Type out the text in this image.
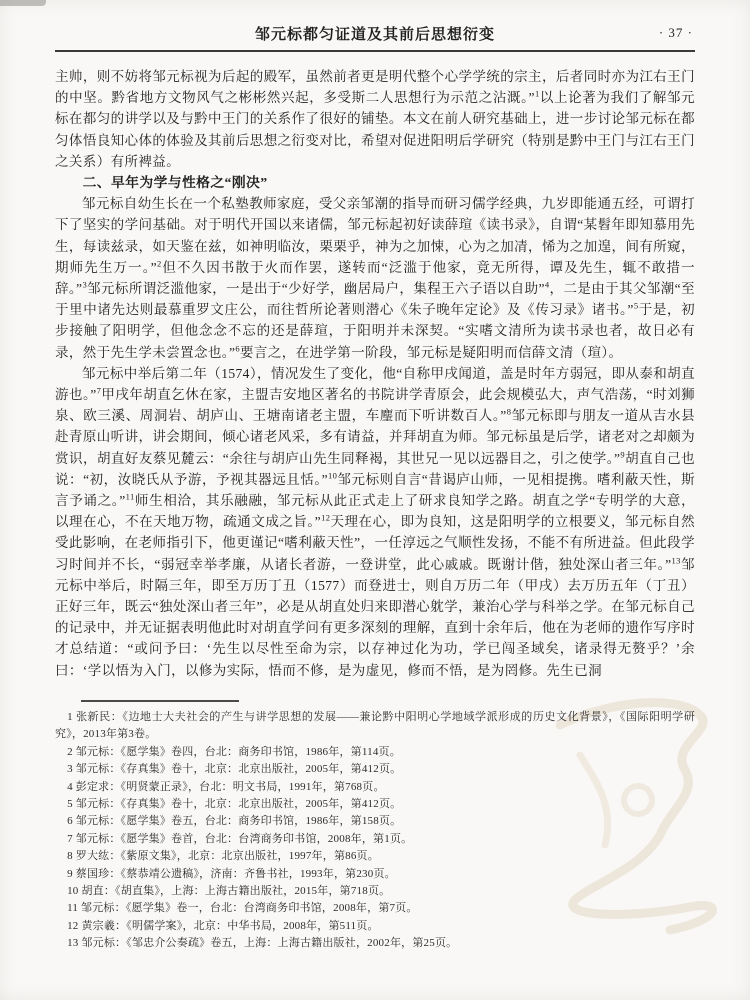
邹元标都匀证道及其前后思想衍变	· 37 ·

主帅，则不妨将邹元标视为后起的殿军，虽然前者更是明代整个心学学统的宗主，后者同时亦为江右王门的中坚。黔省地方文物风气之彬彬然兴起，多受斯二人思想行为示范之沾溉。”$^1$以上论著为我们了解邹元标在都匀的讲学以及与黔中王门的关系作了很好的铺垫。本文在前人研究基础上，进一步讨论邹元标在都匀体悟良知心体的体验及其前后思想之衍变对比，希望对促进阳明后学研究（特别是黔中王门与江右王门之关系）有所裨益。

二、早年为学与性格之“刚决”

邹元标自幼生长在一个私塾教师家庭，受父亲邹潮的指导而研习儒学经典，九岁即能通五经，可谓打下了坚实的学问基础。对于明代开国以来诸儒，邹元标起初好读薛瑄《读书录》，自谓“某髫年即知慕用先生，每读兹录，如天鉴在兹，如神明临汝，栗栗乎，神为之加悚，心为之加凊，悕为之加遑，间有所窥，期师先生万一。”$^2$但不久因书散于火而作罢，遂转而“泛滥于他家，竟无所得，谭及先生，辄不敢措一辞。”$^3$邹元标所谓泛滥他家，一是出于“少好学，幽居局户，集程王六子语以自助”$^4$，二是由于其父邹潮“至于里中诸先达则最慕重罗文庄公，而往哲所论著则潜心《朱子晚年定论》及《传习录》诸书。”$^5$于是，初步接触了阳明学，但他念念不忘的还是薛瑄，于阳明并未深契。“实嗜文清所为读书录也者，故日必有录，然于先生学未尝置念也。”$^6$要言之，在进学第一阶段，邹元标是疑阳明而信薛文清（瑄）。

邹元标中举后第二年（1574），情况发生了变化，他“自称甲戌闻道，盖是时年方弱冠，即从泰和胡直游也。”$^7$甲戌年胡直乞休在家，主盟吉安地区著名的书院讲学青原会，此会规模弘大，声气浩荡，“时刘狮泉、欧三溪、周洞岩、胡庐山、王塘南诸老主盟，车麈而下听讲数百人。”$^8$邹元标即与朋友一道从吉水县赴青原山听讲，讲会期间，倾心诸老风采，多有请益，并拜胡直为师。邹元标虽是后学，诸老对之却颇为赏识，胡直好友蔡见麓云：“余往与胡庐山先生同释褐，其世兄一见以远器目之，引之使学。”$^9$胡直自己也说：“初，汝晓氏从予游，予视其器远且恬。”$^{10}$邹元标则自言“昔谒庐山师，一见相提携。嗜利蔽天性，斯言予诵之。”$^{11}$师生相洽，其乐融融，邹元标从此正式走上了研求良知学之路。胡直之学“专明学的大意，以理在心，不在天地万物，疏通文成之旨。”$^{12}$天理在心，即为良知，这是阳明学的立根要义，邹元标自然受此影响，在老师指引下，他更谨记“嗜利蔽天性”，一任淳远之气顺性发扬，不能不有所进益。但此段学习时间并不长，“弱冠幸举孝廉，从诸长者游，一登讲堂，此心戚戚。既谢计偕，独处深山者三年。”$^{13}$邹元标中举后，时隔三年，即至万历丁丑（1577）而登进士，则自万历二年（甲戌）去万历五年（丁丑）正好三年，既云“独处深山者三年”，必是从胡直处归来即潜心躭学，兼治心学与科举之学。在邹元标自己的记录中，并无证据表明他此时对胡直学问有更多深刻的理解，直到十余年后，他在为老师的遗作写序时才总结道：“或问予曰：‘先生以尽性至命为宗，以存神过化为功，学已闯圣域矣，诸录得无赘乎？’余曰：‘学以悟为入门，以修为实际，悟而不修，是为虚见，修而不悟，是为罔修。先生已洞

1 张新民：《边地士大夫社会的产生与讲学思想的发展——兼论黔中阳明心学地域学派形成的历史文化背景》，《国际阳明学研究》，2013年第3卷。

2 邹元标：《愿学集》卷四，台北：商务印书馆，1986年，第114页。

3 邹元标：《存真集》卷十，北京：北京出版社，2005年，第412页。

4 彭定求：《明贤蒙正录》，台北：明文书局，1991年，第768页。

5 邹元标：《存真集》卷十，北京：北京出版社，2005年，第412页。

6 邹元标：《愿学集》卷五，台北：商务印书馆，1986年，第158页。

7 邹元标：《愿学集》卷首，台北：台湾商务印书馆，2008年，第1页。

8 罗大纮：《紫原文集》，北京：北京出版社，1997年，第86页。

9 蔡国珍：《蔡恭靖公遗稿》，济南：齐鲁书社，1993年，第230页。

10 胡直：《胡直集》，上海：上海古籍出版社，2015年，第718页。

11 邹元标：《愿学集》卷一，台北：台湾商务印书馆，2008年，第7页。

12 黄宗羲：《明儒学案》，北京：中华书局，2008年，第511页。

13 邹元标：《邹忠介公奏疏》卷五，上海：上海古籍出版社，2002年，第25页。
